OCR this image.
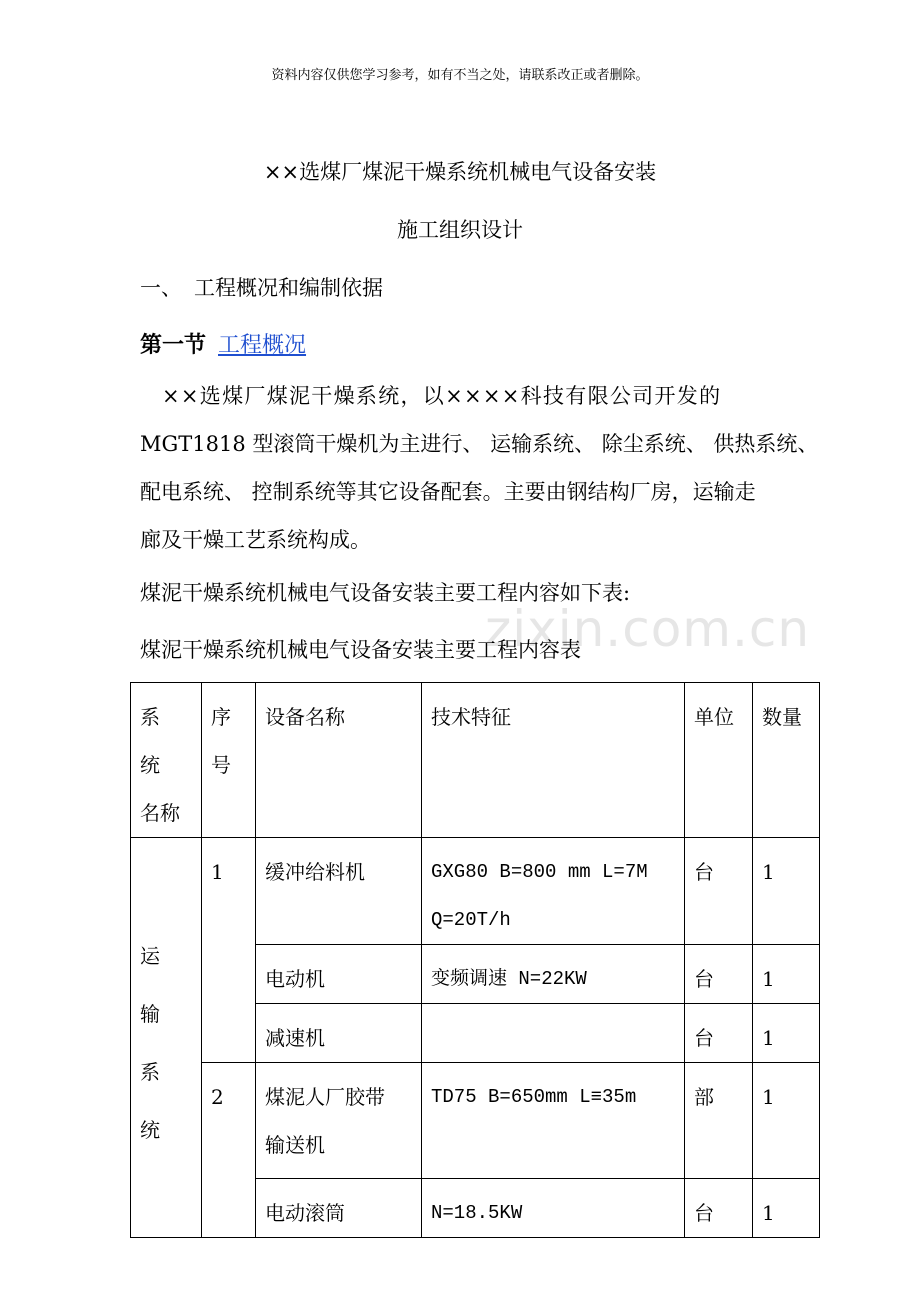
资料内容仅供您学习参考，如有不当之处，请联系改正或者删除。
××选煤厂煤泥干燥系统机械电气设备安装
施工组织设计
一、 工程概况和编制依据
第一节 工程概况
××选煤厂煤泥干燥系统，以××××科技有限公司开发的
MGT1818 型滚筒干燥机为主进行、 运输系统、 除尘系统、 供热系统、
配电系统、 控制系统等其它设备配套。主要由钢结构厂房，运输走
廊及干燥工艺系统构成。
煤泥干燥系统机械电气设备安装主要工程内容如下表:
zixin.com.cn
煤泥干燥系统机械电气设备安装主要工程内容表
系统
名称	序
号	设备名称	技术特征	单位	数量

运
输
系
统	1	缓冲给料机	GXG80 B=800 mm L=7M
Q=20T/h	台	1
		电动机	变频调速 N=22KW	台	1
		减速机		台	1
	2	煤泥人厂胶带
输送机	TD75 B=650mm L≡35m	部	1
		电动滚筒	N=18.5KW	台	1
